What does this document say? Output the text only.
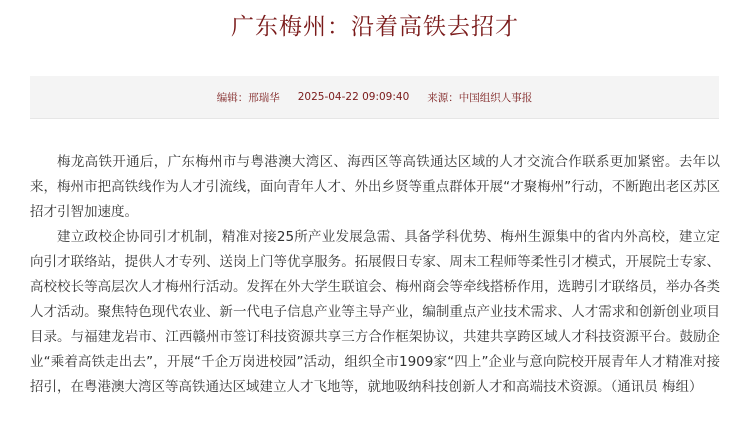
广东梅州：沿着高铁去招才
编辑：邢瑞华 2025-04-22 09:09:40 来源：中国组织人事报

梅龙高铁开通后，广东梅州市与粤港澳大湾区、海西区等高铁通达区域的人才交流合作联系更加紧密。去年以来，梅州市把高铁线作为人才引流线，面向青年人才、外出乡贤等重点群体开展“才聚梅州”行动，不断跑出老区苏区招才引智加速度。

建立政校企协同引才机制，精准对接25所产业发展急需、具备学科优势、梅州生源集中的省内外高校，建立定向引才联络站，提供人才专列、送岗上门等优享服务。拓展假日专家、周末工程师等柔性引才模式，开展院士专家、高校校长等高层次人才梅州行活动。发挥在外大学生联谊会、梅州商会等牵线搭桥作用，选聘引才联络员，举办各类人才活动。聚焦特色现代农业、新一代电子信息产业等主导产业，编制重点产业技术需求、人才需求和创新创业项目目录。与福建龙岩市、江西赣州市签订科技资源共享三方合作框架协议，共建共享跨区域人才科技资源平台。鼓励企业“乘着高铁走出去”，开展“千企万岗进校园”活动，组织全市1909家“四上”企业与意向院校开展青年人才精准对接招引，在粤港澳大湾区等高铁通达区域建立人才飞地等，就地吸纳科技创新人才和高端技术资源。（通讯员 梅组）
